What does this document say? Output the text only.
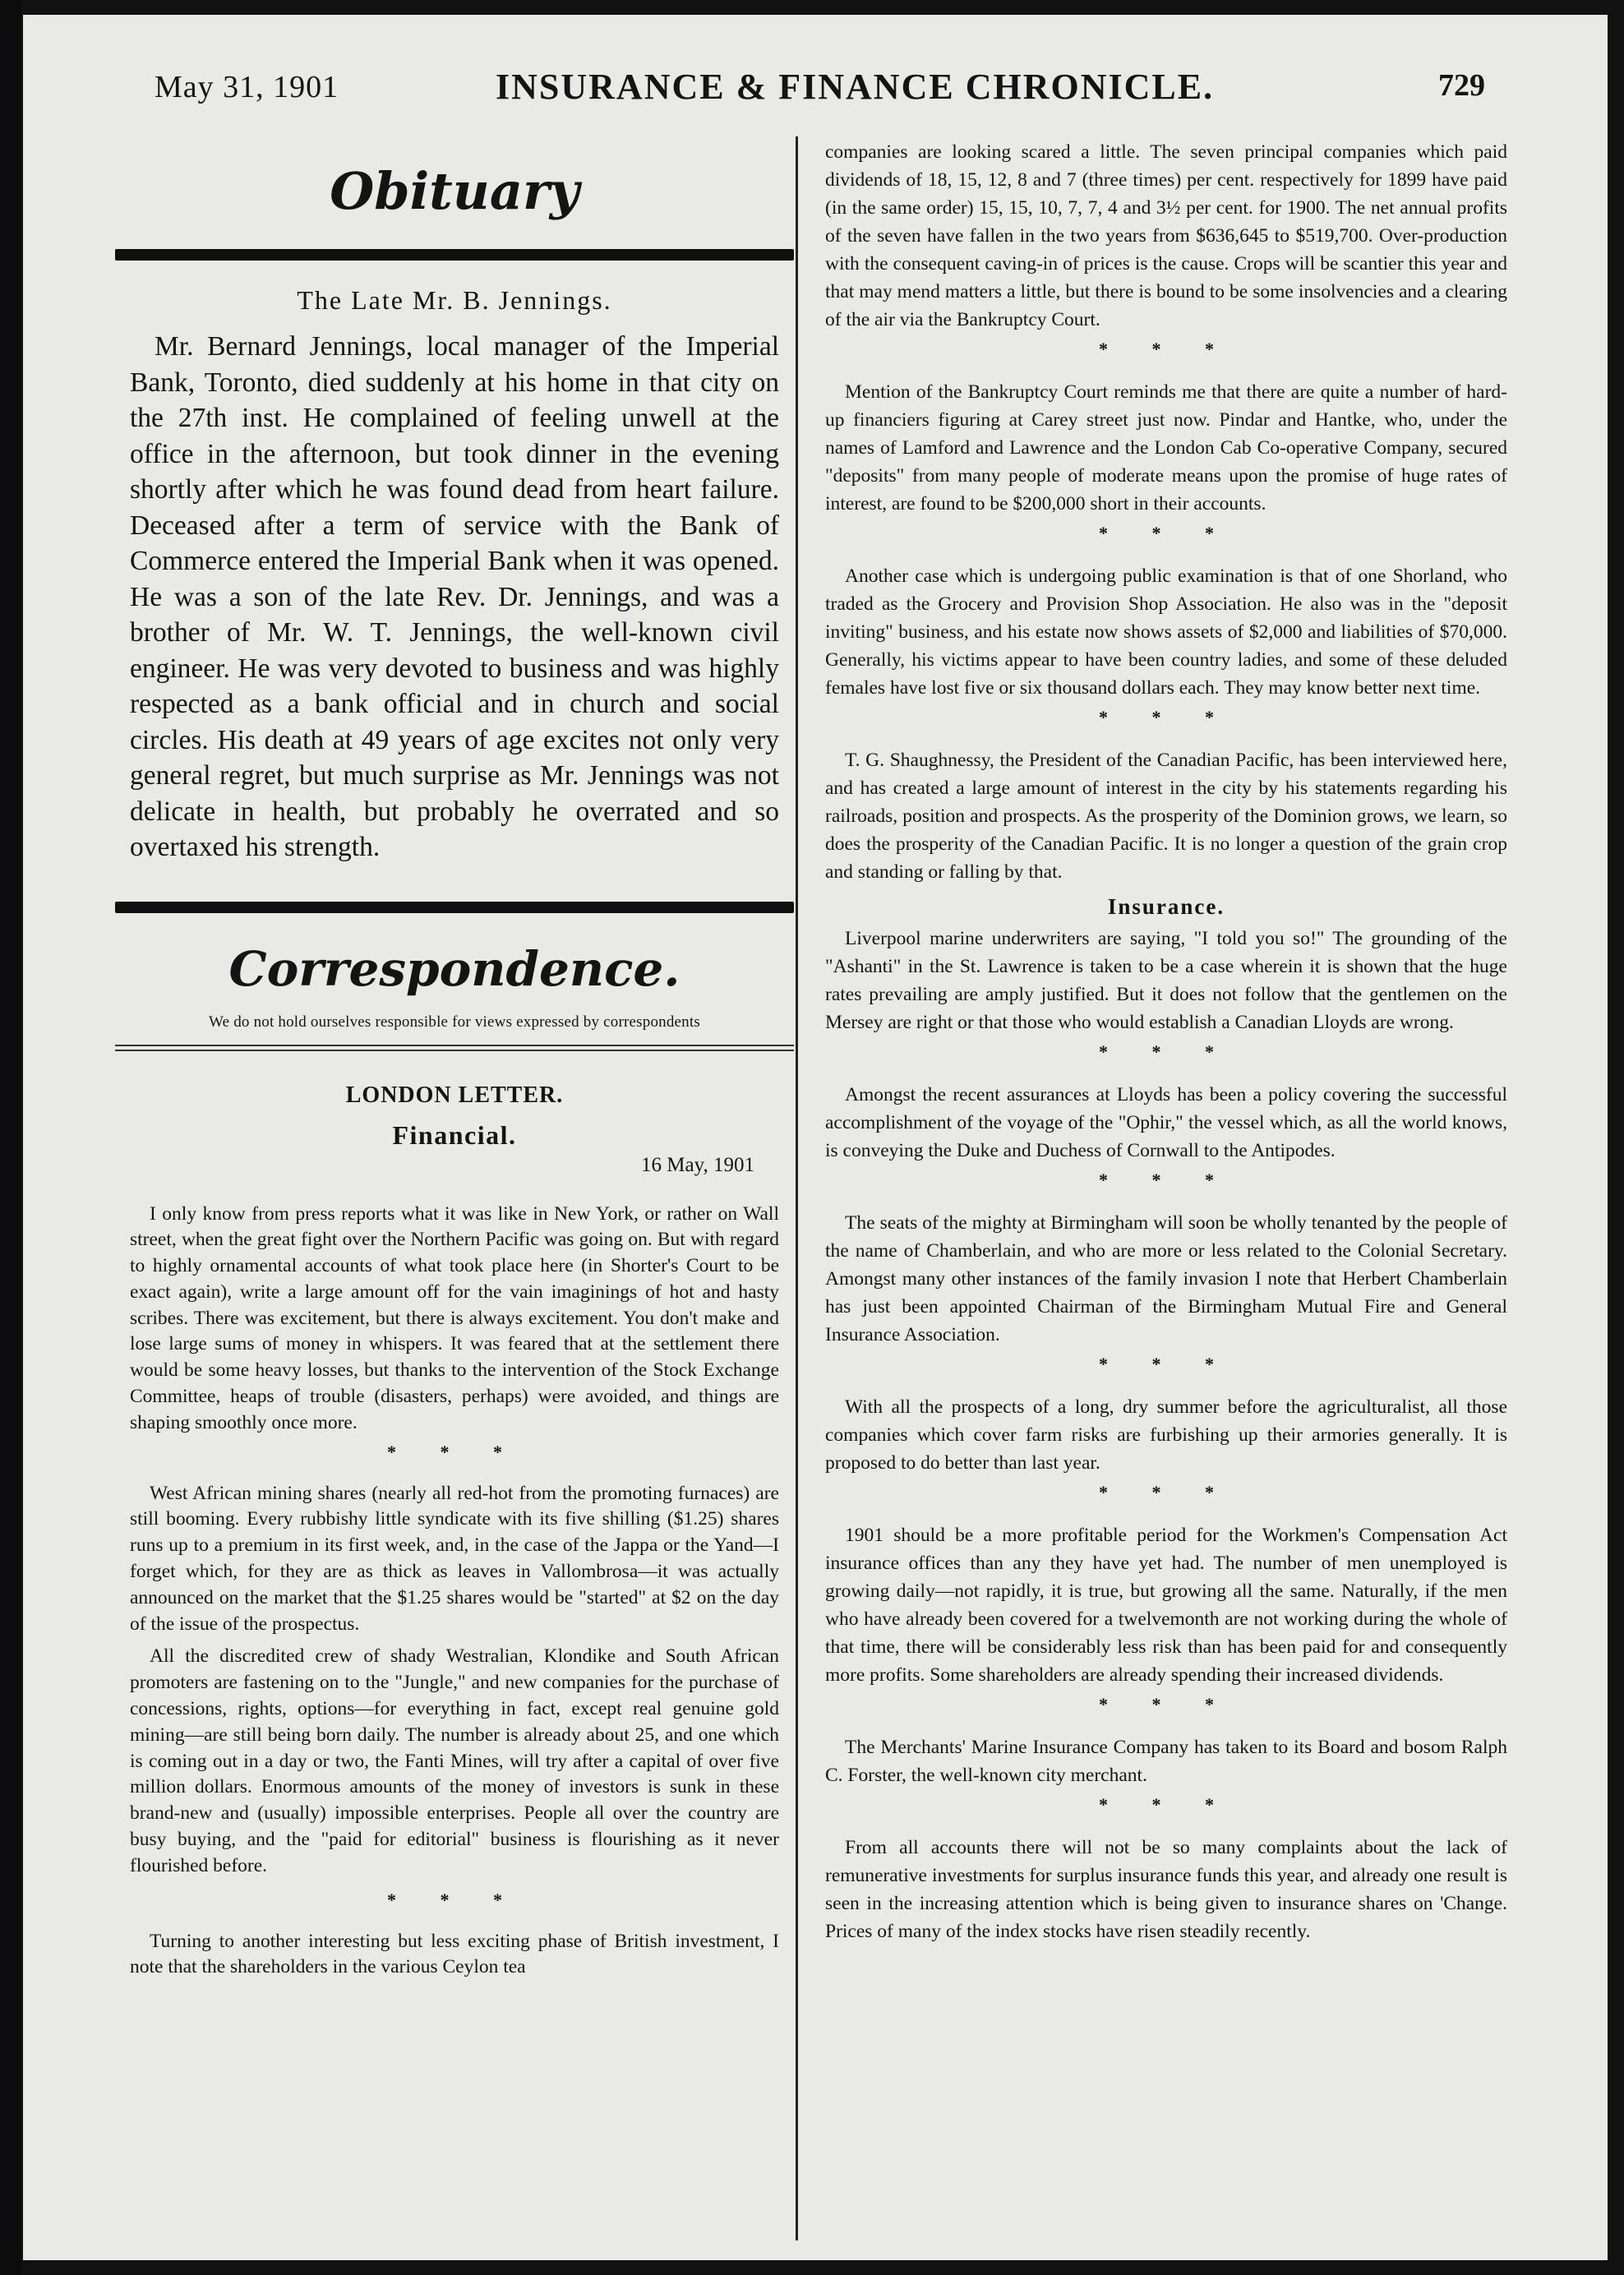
May 31, 1901	INSURANCE & FINANCE CHRONICLE.	729
Obituary
The Late Mr. B. Jennings.

Mr. Bernard Jennings, local manager of the Imperial Bank, Toronto, died suddenly at his home in that city on the 27th inst. He complained of feeling unwell at the office in the afternoon, but took dinner in the evening shortly after which he was found dead from heart failure. Deceased after a term of service with the Bank of Commerce entered the Imperial Bank when it was opened. He was a son of the late Rev. Dr. Jennings, and was a brother of Mr. W. T. Jennings, the well-known civil engineer. He was very devoted to business and was highly respected as a bank official and in church and social circles. His death at 49 years of age excites not only very general regret, but much surprise as Mr. Jennings was not delicate in health, but probably he overrated and so overtaxed his strength.

Correspondence.
We do not hold ourselves responsible for views expressed by correspondents
LONDON LETTER.
Financial.
16 May, 1901

I only know from press reports what it was like in New York, or rather on Wall street, when the great fight over the Northern Pacific was going on. But with regard to highly ornamental accounts of what took place here (in Shorter's Court to be exact again), write a large amount off for the vain imaginings of hot and hasty scribes. There was excitement, but there is always excitement. You don't make and lose large sums of money in whispers. It was feared that at the settlement there would be some heavy losses, but thanks to the intervention of the Stock Exchange Committee, heaps of trouble (disasters, perhaps) were avoided, and things are shaping smoothly once more.

* * *

West African mining shares (nearly all red-hot from the promoting furnaces) are still booming. Every rubbishy little syndicate with its five shilling ($1.25) shares runs up to a premium in its first week, and, in the case of the Jappa or the Yand—I forget which, for they are as thick as leaves in Vallombrosa—it was actually announced on the market that the $1.25 shares would be "started" at $2 on the day of the issue of the prospectus.

All the discredited crew of shady Westralian, Klondike and South African promoters are fastening on to the "Jungle," and new companies for the purchase of concessions, rights, options—for everything in fact, except real genuine gold mining—are still being born daily. The number is already about 25, and one which is coming out in a day or two, the Fanti Mines, will try after a capital of over five million dollars. Enormous amounts of the money of investors is sunk in these brand-new and (usually) impossible enterprises. People all over the country are busy buying, and the "paid for editorial" business is flourishing as it never flourished before.

* * *

Turning to another interesting but less exciting phase of British investment, I note that the shareholders in the various Ceylon tea

companies are looking scared a little. The seven principal companies which paid dividends of 18, 15, 12, 8 and 7 (three times) per cent. respectively for 1899 have paid (in the same order) 15, 15, 10, 7, 7, 4 and 3½ per cent. for 1900. The net annual profits of the seven have fallen in the two years from $636,645 to $519,700. Over-production with the consequent caving-in of prices is the cause. Crops will be scantier this year and that may mend matters a little, but there is bound to be some insolvencies and a clearing of the air via the Bankruptcy Court.

* * *

Mention of the Bankruptcy Court reminds me that there are quite a number of hard-up financiers figuring at Carey street just now. Pindar and Hantke, who, under the names of Lamford and Lawrence and the London Cab Co-operative Company, secured "deposits" from many people of moderate means upon the promise of huge rates of interest, are found to be $200,000 short in their accounts.

* * *

Another case which is undergoing public examination is that of one Shorland, who traded as the Grocery and Provision Shop Association. He also was in the "deposit inviting" business, and his estate now shows assets of $2,000 and liabilities of $70,000. Generally, his victims appear to have been country ladies, and some of these deluded females have lost five or six thousand dollars each. They may know better next time.

* * *

T. G. Shaughnessy, the President of the Canadian Pacific, has been interviewed here, and has created a large amount of interest in the city by his statements regarding his railroads, position and prospects. As the prosperity of the Dominion grows, we learn, so does the prosperity of the Canadian Pacific. It is no longer a question of the grain crop and standing or falling by that.

Insurance.

Liverpool marine underwriters are saying, "I told you so!" The grounding of the "Ashanti" in the St. Lawrence is taken to be a case wherein it is shown that the huge rates prevailing are amply justified. But it does not follow that the gentlemen on the Mersey are right or that those who would establish a Canadian Lloyds are wrong.

* * *

Amongst the recent assurances at Lloyds has been a policy covering the successful accomplishment of the voyage of the "Ophir," the vessel which, as all the world knows, is conveying the Duke and Duchess of Cornwall to the Antipodes.

* * *

The seats of the mighty at Birmingham will soon be wholly tenanted by the people of the name of Chamberlain, and who are more or less related to the Colonial Secretary. Amongst many other instances of the family invasion I note that Herbert Chamberlain has just been appointed Chairman of the Birmingham Mutual Fire and General Insurance Association.

* * *

With all the prospects of a long, dry summer before the agriculturalist, all those companies which cover farm risks are furbishing up their armories generally. It is proposed to do better than last year.

* * *

1901 should be a more profitable period for the Workmen's Compensation Act insurance offices than any they have yet had. The number of men unemployed is growing daily—not rapidly, it is true, but growing all the same. Naturally, if the men who have already been covered for a twelvemonth are not working during the whole of that time, there will be considerably less risk than has been paid for and consequently more profits. Some shareholders are already spending their increased dividends.

* * *

The Merchants' Marine Insurance Company has taken to its Board and bosom Ralph C. Forster, the well-known city merchant.

* * *

From all accounts there will not be so many complaints about the lack of remunerative investments for surplus insurance funds this year, and already one result is seen in the increasing attention which is being given to insurance shares on 'Change. Prices of many of the index stocks have risen steadily recently.
